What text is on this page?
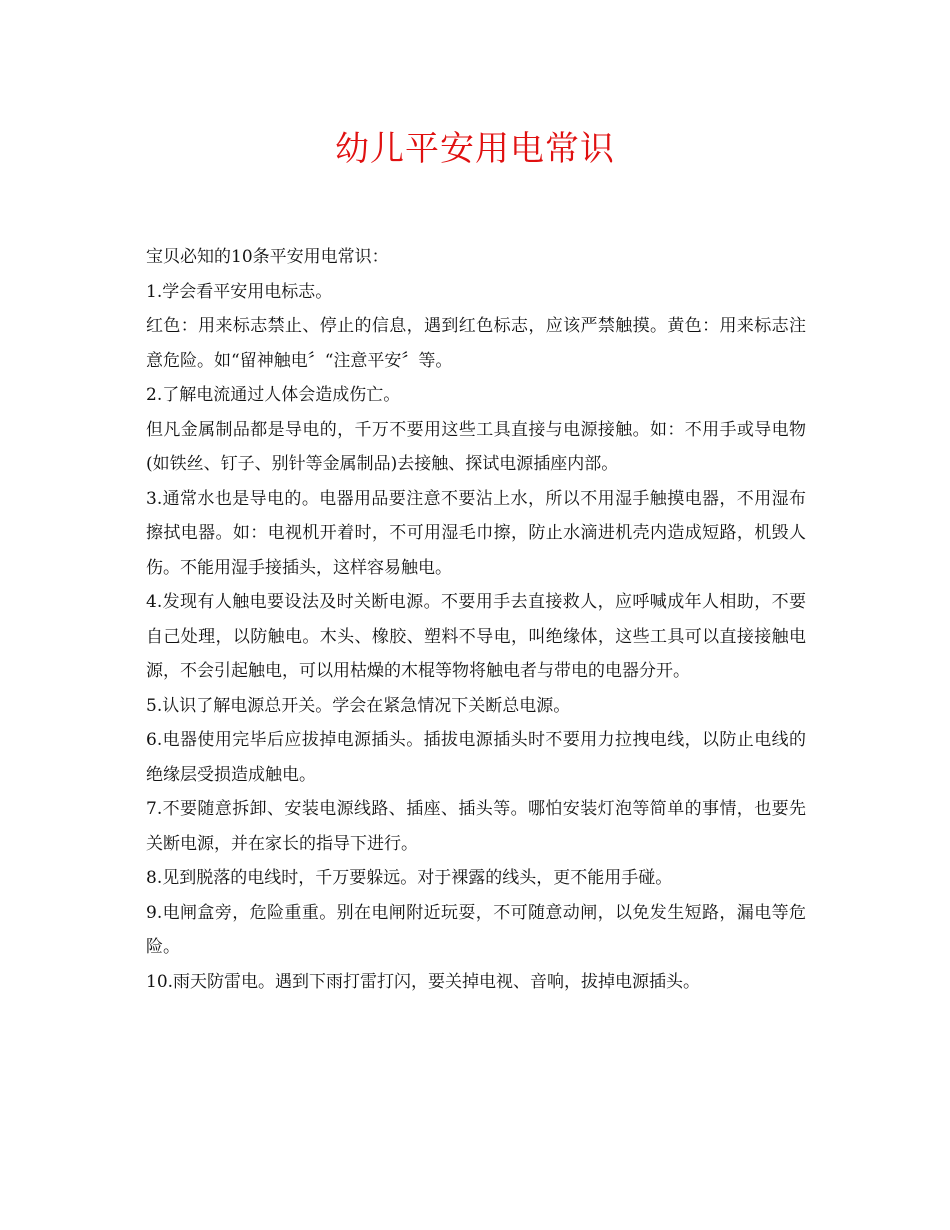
幼儿平安用电常识

宝贝必知的10条平安用电常识：

1.学会看平安用电标志。

红色：用来标志禁止、停止的信息，遇到红色标志，应该严禁触摸。黄色：用来标志注意危险。如“留神触电〞“注意平安〞等。

2.了解电流通过人体会造成伤亡。

但凡金属制品都是导电的，千万不要用这些工具直接与电源接触。如：不用手或导电物(如铁丝、钉子、别针等金属制品)去接触、探试电源插座内部。

3.通常水也是导电的。电器用品要注意不要沾上水，所以不用湿手触摸电器，不用湿布擦拭电器。如：电视机开着时，不可用湿毛巾擦，防止水滴进机壳内造成短路，机毁人伤。不能用湿手接插头，这样容易触电。

4.发现有人触电要设法及时关断电源。不要用手去直接救人，应呼喊成年人相助，不要自己处理，以防触电。木头、橡胶、塑料不导电，叫绝缘体，这些工具可以直接接触电源，不会引起触电，可以用枯燥的木棍等物将触电者与带电的电器分开。

5.认识了解电源总开关。学会在紧急情况下关断总电源。

6.电器使用完毕后应拔掉电源插头。插拔电源插头时不要用力拉拽电线，以防止电线的绝缘层受损造成触电。

7.不要随意拆卸、安装电源线路、插座、插头等。哪怕安装灯泡等简单的事情，也要先关断电源，并在家长的指导下进行。

8.见到脱落的电线时，千万要躲远。对于裸露的线头，更不能用手碰。

9.电闸盒旁，危险重重。别在电闸附近玩耍，不可随意动闸，以免发生短路，漏电等危险。

10.雨天防雷电。遇到下雨打雷打闪，要关掉电视、音响，拔掉电源插头。
